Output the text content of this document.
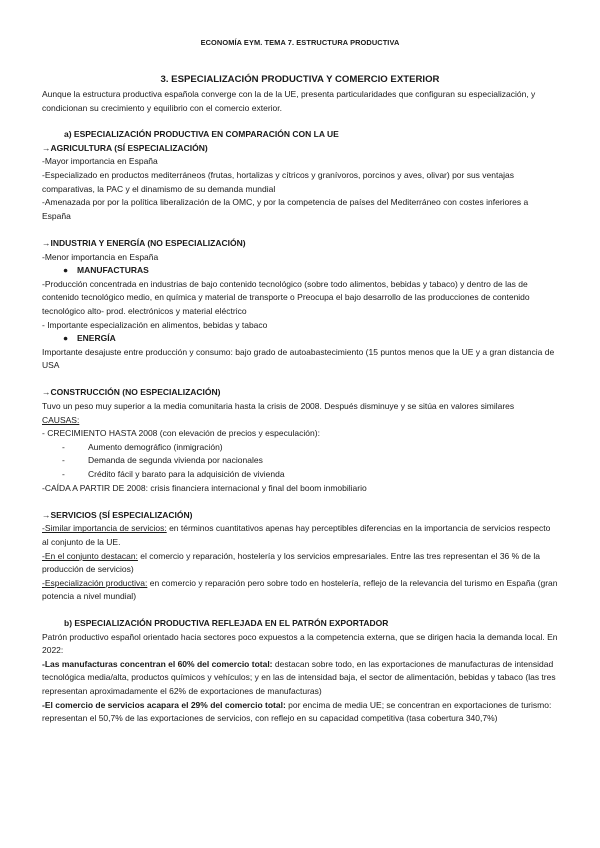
ECONOMÍA EYM. TEMA 7. ESTRUCTURA PRODUCTIVA
3. ESPECIALIZACIÓN PRODUCTIVA Y COMERCIO EXTERIOR

Aunque la estructura productiva española converge con la de la UE, presenta particularidades que configuran su especialización, y condicionan su crecimiento y equilibrio con el comercio exterior.

a) ESPECIALIZACIÓN PRODUCTIVA EN COMPARACIÓN CON LA UE
→AGRICULTURA (SÍ ESPECIALIZACIÓN)

-Mayor importancia en España

-Especializado en productos mediterráneos (frutas, hortalizas y cítricos y granívoros, porcinos y aves, olivar) por sus ventajas comparativas, la PAC y el dinamismo de su demanda mundial

-Amenazada por por la política liberalización de la OMC, y por la competencia de países del Mediterráneo con costes inferiores a España

→INDUSTRIA Y ENERGÍA (NO ESPECIALIZACIÓN)

-Menor importancia en España

● MANUFACTURAS

-Producción concentrada en industrias de bajo contenido tecnológico (sobre todo alimentos, bebidas y tabaco) y dentro de las de contenido tecnológico medio, en química y material de transporte o Preocupa el bajo desarrollo de las producciones de contenido tecnológico alto- prod. electrónicos y material eléctrico

- Importante especialización en alimentos, bebidas y tabaco

● ENERGÍA

Importante desajuste entre producción y consumo: bajo grado de autoabastecimiento (15 puntos menos que la UE y a gran distancia de USA

→CONSTRUCCIÓN (NO ESPECIALIZACIÓN)

Tuvo un peso muy superior a la media comunitaria hasta la crisis de 2008. Después disminuye y se sitúa en valores similares

CAUSAS:

- CRECIMIENTO HASTA 2008 (con elevación de precios y especulación):

-	Aumento demográfico (inmigración)
-	Demanda de segunda vivienda por nacionales
-	Crédito fácil y barato para la adquisición de vivienda

-CAÍDA A PARTIR DE 2008: crisis financiera internacional y final del boom inmobiliario

→SERVICIOS (SÍ ESPECIALIZACIÓN)

-Similar importancia de servicios: en términos cuantitativos apenas hay perceptibles diferencias en la importancia de servicios respecto al conjunto de la UE.

-En el conjunto destacan: el comercio y reparación, hostelería y los servicios empresariales. Entre las tres representan el 36 % de la producción de servicios)

-Especialización productiva: en comercio y reparación pero sobre todo en hostelería, reflejo de la relevancia del turismo en España (gran potencia a nivel mundial)

b) ESPECIALIZACIÓN PRODUCTIVA REFLEJADA EN EL PATRÓN EXPORTADOR

Patrón productivo español orientado hacia sectores poco expuestos a la competencia externa, que se dirigen hacia la demanda local. En 2022:

-Las manufacturas concentran el 60% del comercio total: destacan sobre todo, en las exportaciones de manufacturas de intensidad tecnológica media/alta, productos químicos y vehículos; y en las de intensidad baja, el sector de alimentación, bebidas y tabaco (las tres representan aproximadamente el 62% de exportaciones de manufacturas)

-El comercio de servicios acapara el 29% del comercio total: por encima de media UE; se concentran en exportaciones de turismo: representan el 50,7% de las exportaciones de servicios, con reflejo en su capacidad competitiva (tasa cobertura 340,7%)
